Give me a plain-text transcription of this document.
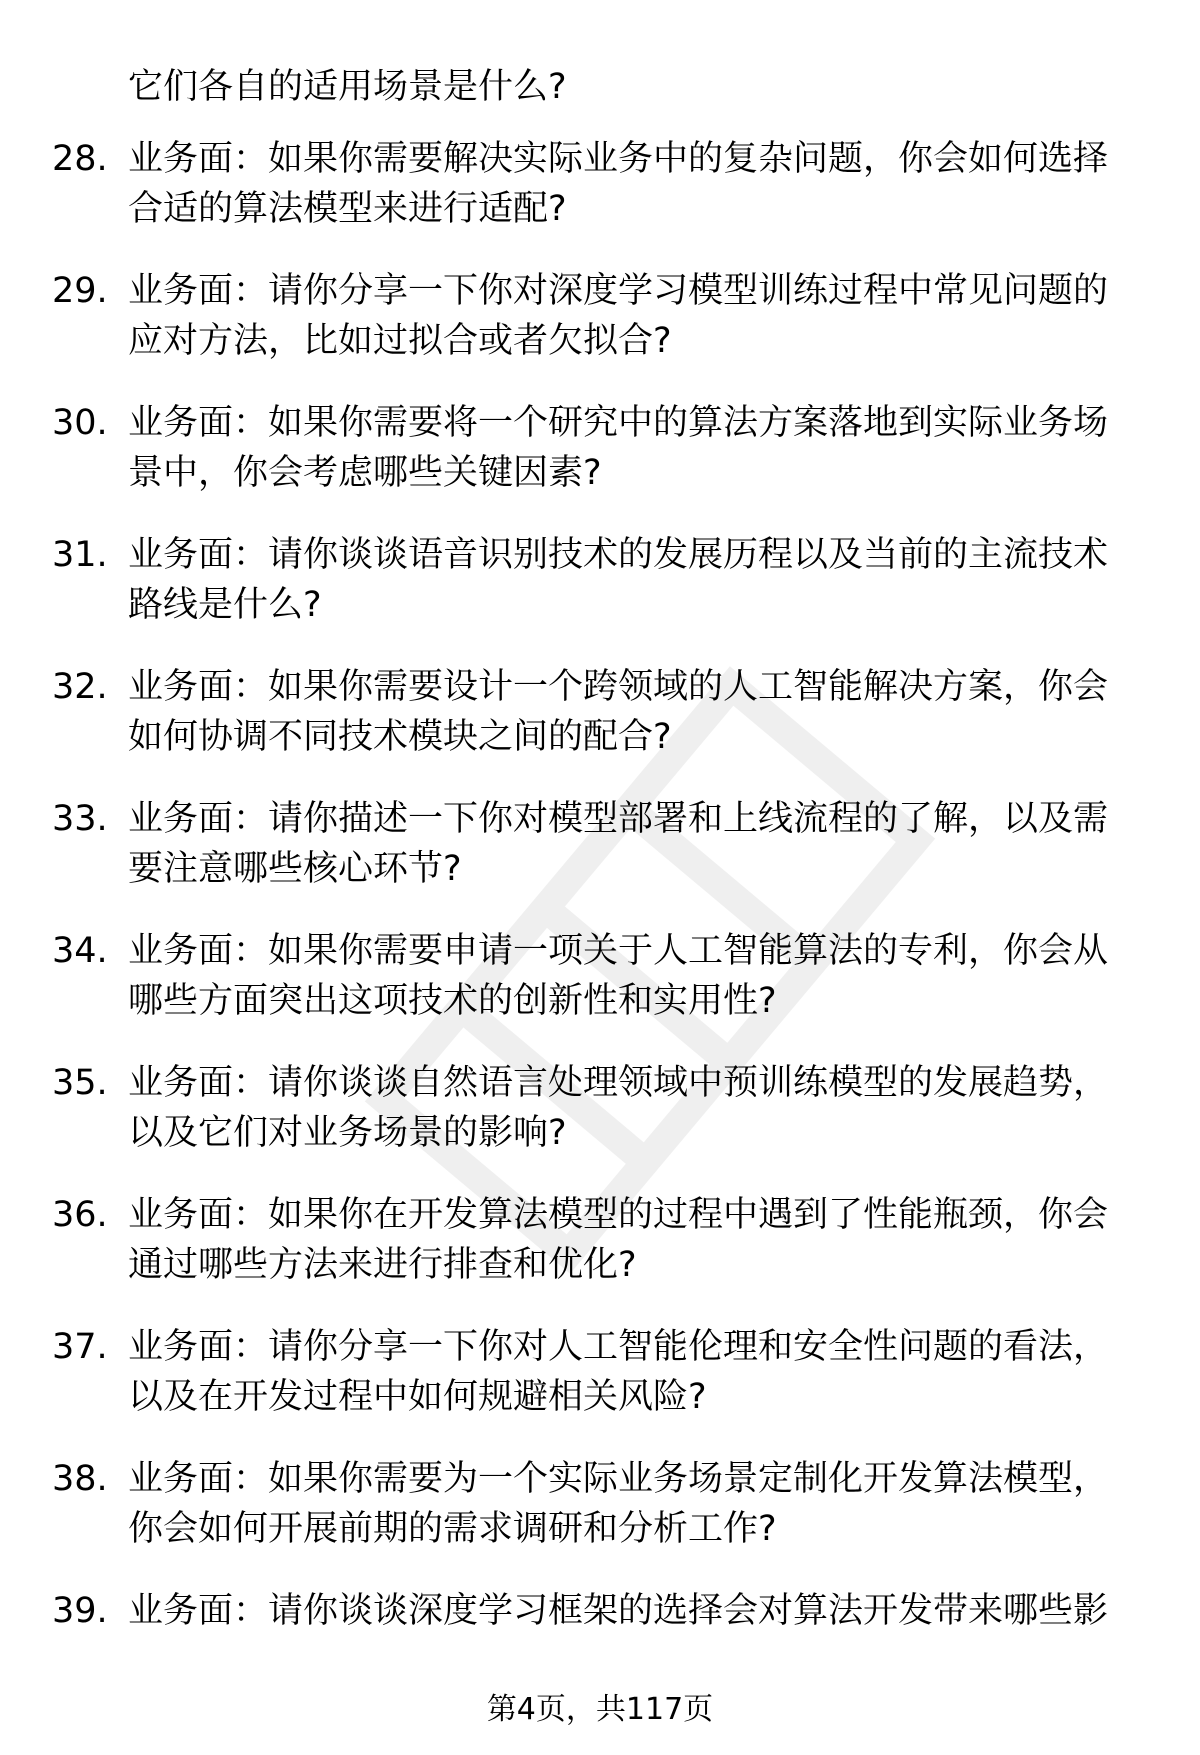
它们各自的适用场景是什么?
28. 业务面：如果你需要解决实际业务中的复杂问题，你会如何选择
合适的算法模型来进行适配?
29. 业务面：请你分享一下你对深度学习模型训练过程中常见问题的
应对方法，比如过拟合或者欠拟合?
30. 业务面：如果你需要将一个研究中的算法方案落地到实际业务场
景中，你会考虑哪些关键因素?
31. 业务面：请你谈谈语音识别技术的发展历程以及当前的主流技术
路线是什么?
32. 业务面：如果你需要设计一个跨领域的人工智能解决方案，你会
如何协调不同技术模块之间的配合?
33. 业务面：请你描述一下你对模型部署和上线流程的了解，以及需
要注意哪些核心环节?
34. 业务面：如果你需要申请一项关于人工智能算法的专利，你会从
哪些方面突出这项技术的创新性和实用性?
35. 业务面：请你谈谈自然语言处理领域中预训练模型的发展趋势，
以及它们对业务场景的影响?
36. 业务面：如果你在开发算法模型的过程中遇到了性能瓶颈，你会
通过哪些方法来进行排查和优化?
37. 业务面：请你分享一下你对人工智能伦理和安全性问题的看法，
以及在开发过程中如何规避相关风险?
38. 业务面：如果你需要为一个实际业务场景定制化开发算法模型，
你会如何开展前期的需求调研和分析工作?
39. 业务面：请你谈谈深度学习框架的选择会对算法开发带来哪些影
第4页，共117页
